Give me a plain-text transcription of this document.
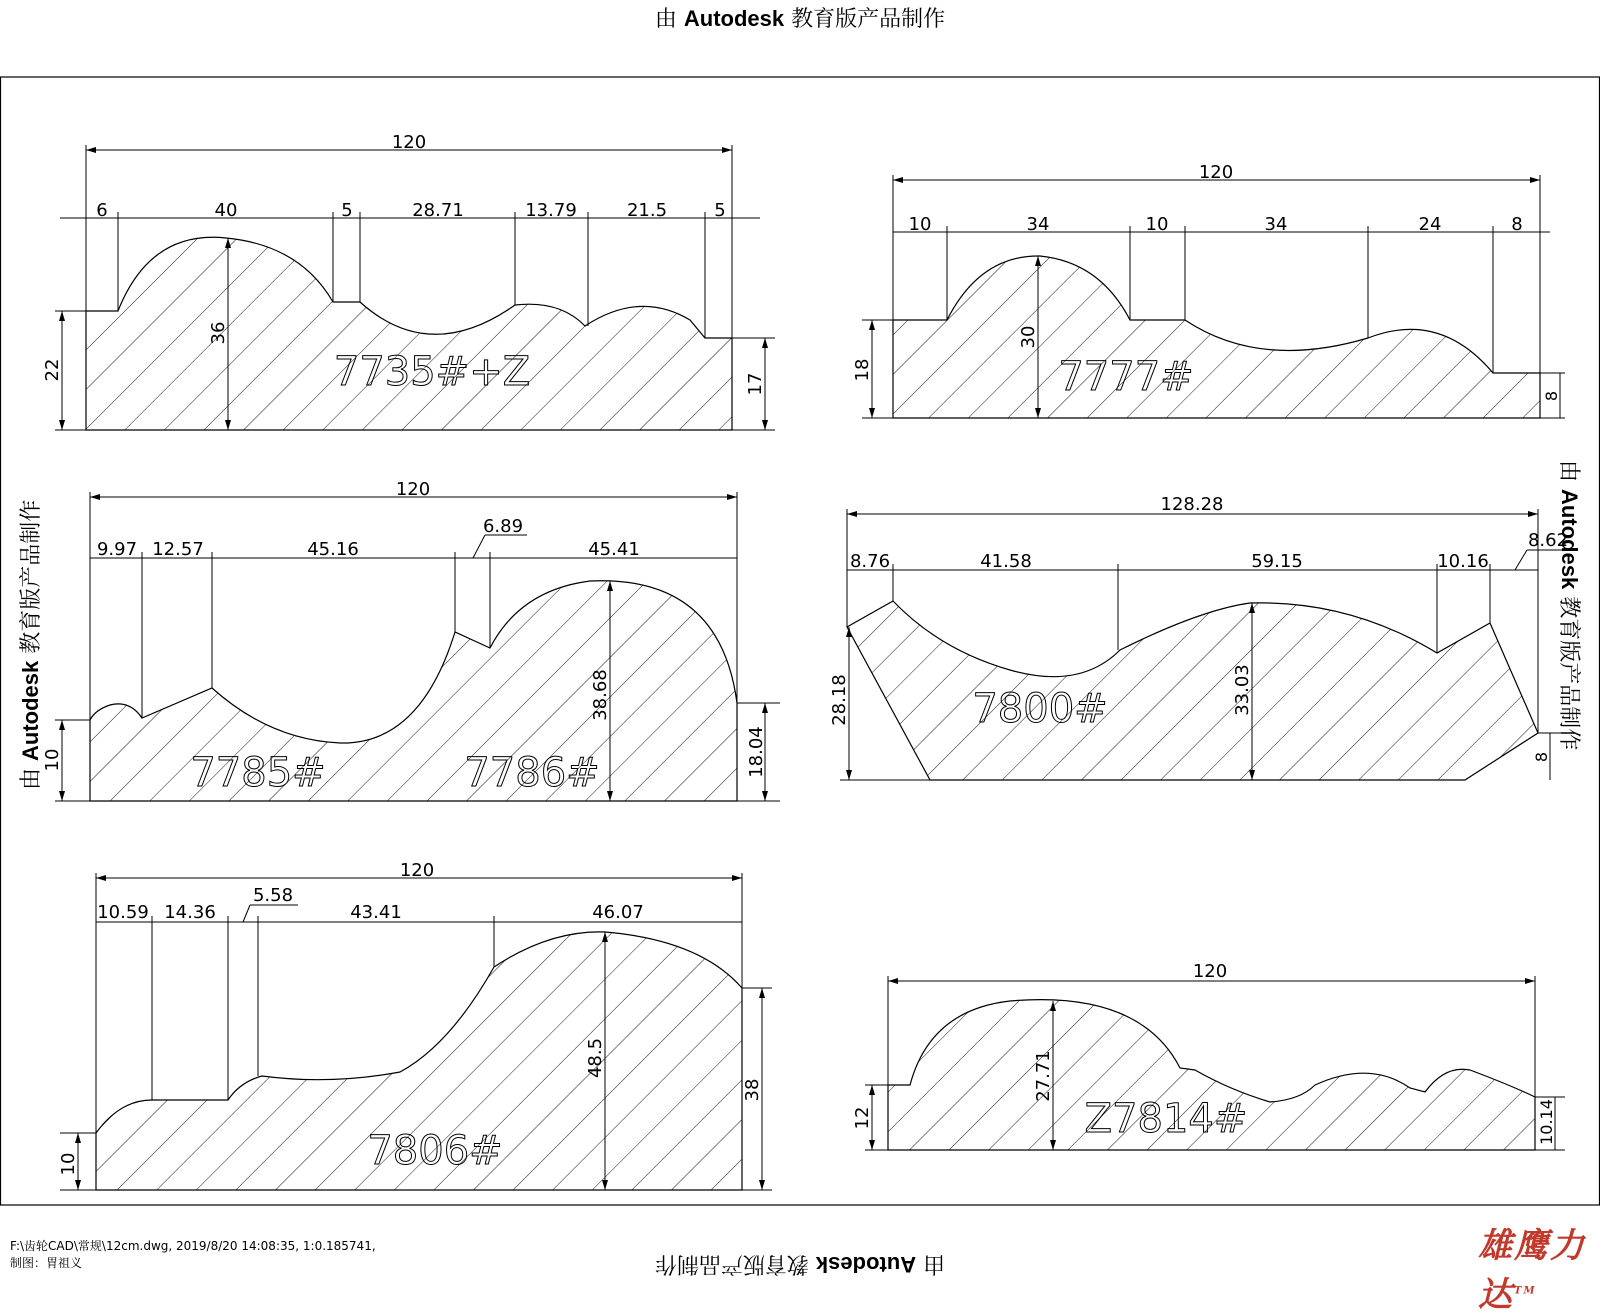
120
6	40	5	28.71	13.79	21.5	5
36
22
17
7735#+Z
120
10	34	10	34	24	8
30
18
8
7777#
120
9.97 12.57	45.16
6.89
45.41
38.68
10	18.04
7785#	7786#
128.28
8.76	41.58	59.15	10.16
8.62
33.03
28.18
8
7800#
120
10.59 14.36
5.58
43.41	46.07
48.5
10
38
7806#
120
27.71
12	10.14
Z7814#
由 Autodesk 教育版产品制作
由 Autodesk 教育版产品制作
由 Autodesk 教育版产品制作
由 Autodesk 教育版产品制作
F:\齿轮CAD\常规\12cm.dwg, 2019/8/20 14:08:35, 1:0.185741,
制图：胃祖义	雄鹰力达™
